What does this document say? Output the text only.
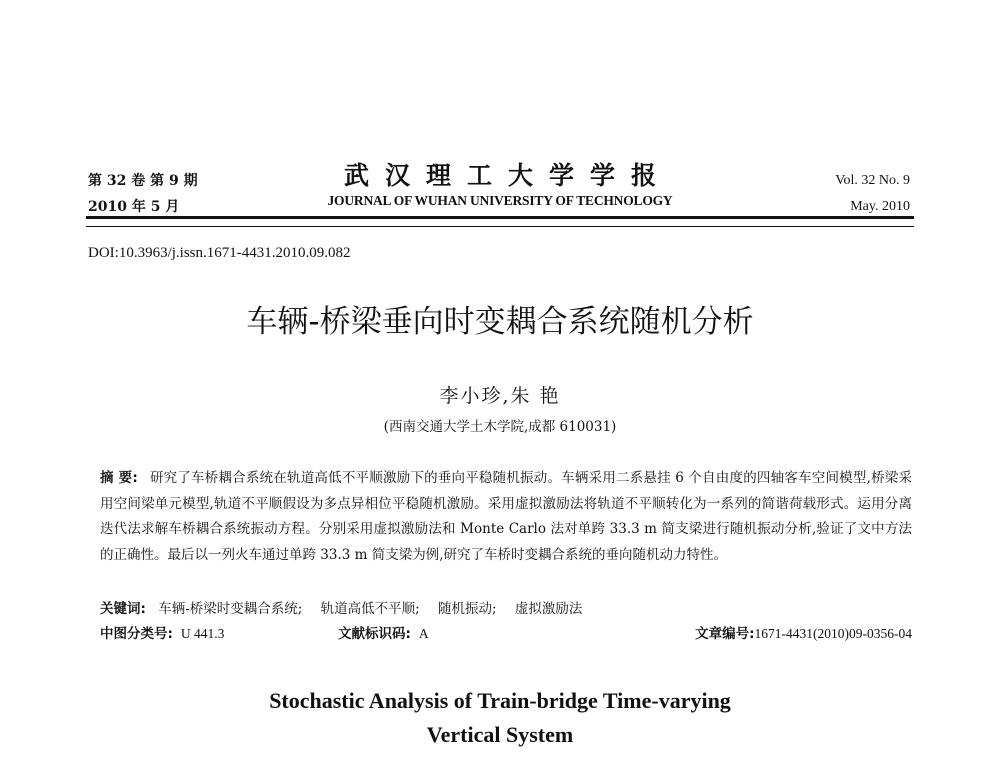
第 32 卷 第 9 期
2010 年 5 月
武汉理工大学学报
JOURNAL OF WUHAN UNIVERSITY OF TECHNOLOGY
Vol. 32 No. 9
May. 2010
DOI:10.3963/j.issn.1671-4431.2010.09.082
车辆-桥梁垂向时变耦合系统随机分析
李小珍,朱 艳
(西南交通大学土木学院,成都 610031)
摘 要: 研究了车桥耦合系统在轨道高低不平顺激励下的垂向平稳随机振动。车辆采用二系悬挂 6 个自由度的四轴客车空间模型,桥梁采用空间梁单元模型,轨道不平顺假设为多点异相位平稳随机激励。采用虚拟激励法将轨道不平顺转化为一系列的简谐荷载形式。运用分离迭代法求解车桥耦合系统振动方程。分别采用虚拟激励法和 Monte Carlo 法对单跨 33.3 m 简支梁进行随机振动分析,验证了文中方法的正确性。最后以一列火车通过单跨 33.3 m 简支梁为例,研究了车桥时变耦合系统的垂向随机动力特性。
关键词: 车辆-桥梁时变耦合系统; 轨道高低不平顺; 随机振动; 虚拟激励法
中图分类号: U 441.3	文献标识码: A	文章编号:1671-4431(2010)09-0356-04
Stochastic Analysis of Train-bridge Time-varying
Vertical System
